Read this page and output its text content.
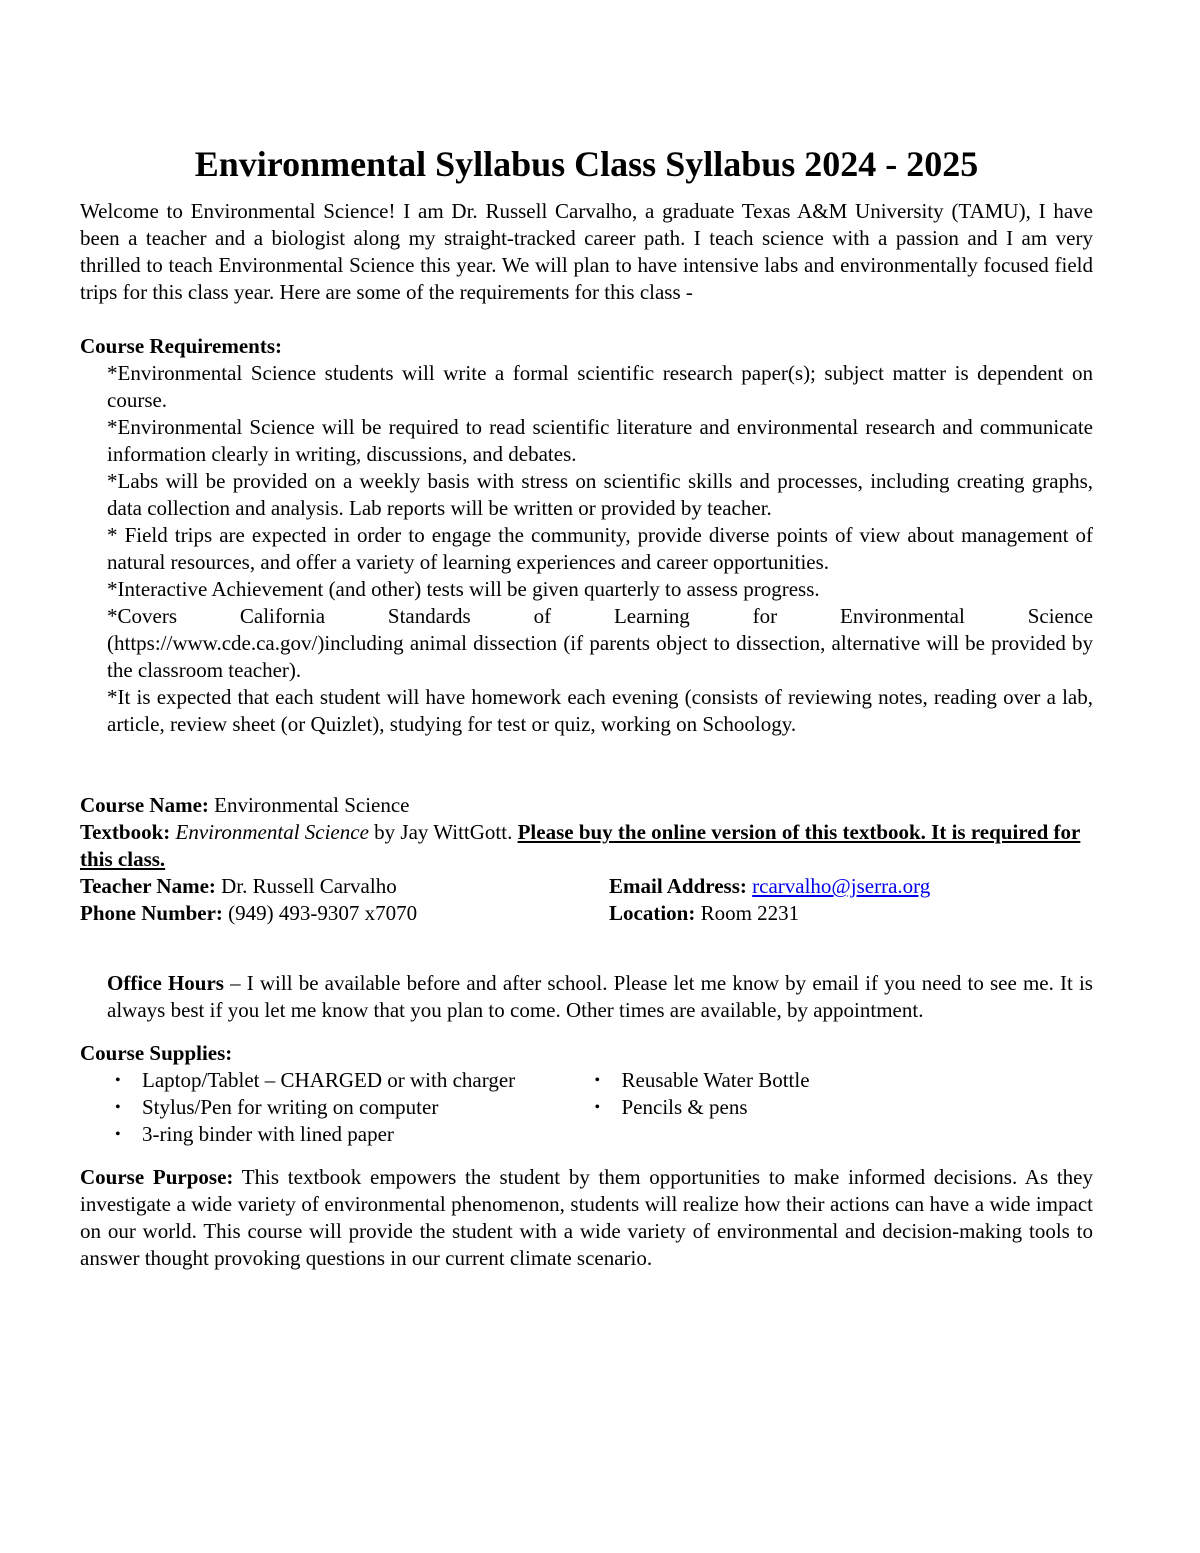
Environmental Syllabus Class Syllabus 2024 - 2025

Welcome to Environmental Science! I am Dr. Russell Carvalho, a graduate Texas A&M University (TAMU), I have been a teacher and a biologist along my straight-tracked career path. I teach science with a passion and I am very thrilled to teach Environmental Science this year. We will plan to have intensive labs and environmentally focused field trips for this class year. Here are some of the requirements for this class -

Course Requirements:

*Environmental Science students will write a formal scientific research paper(s); subject matter is dependent on course.

*Environmental Science will be required to read scientific literature and environmental research and communicate information clearly in writing, discussions, and debates.

*Labs will be provided on a weekly basis with stress on scientific skills and processes, including creating graphs, data collection and analysis. Lab reports will be written or provided by teacher.

* Field trips are expected in order to engage the community, provide diverse points of view about management of natural resources, and offer a variety of learning experiences and career opportunities.

*Interactive Achievement (and other) tests will be given quarterly to assess progress.

*Covers California Standards of Learning for Environmental Science

(https://www.cde.ca.gov/)including animal dissection (if parents object to dissection, alternative will be provided by the classroom teacher).

*It is expected that each student will have homework each evening (consists of reviewing notes, reading over a lab, article, review sheet (or Quizlet), studying for test or quiz, working on Schoology.

Course Name: Environmental Science

Textbook: Environmental Science by Jay WittGott. Please buy the online version of this textbook. It is required for this class.

Teacher Name: Dr. Russell Carvalho	Email Address: rcarvalho@jserra.org
Phone Number: (949) 493-9307 x7070	Location: Room 2231

Office Hours – I will be available before and after school. Please let me know by email if you need to see me. It is always best if you let me know that you plan to come. Other times are available, by appointment.

Course Supplies:

•	Laptop/Tablet – CHARGED or with charger
•	Stylus/Pen for writing on computer
•	3-ring binder with lined paper
•	Reusable Water Bottle
•	Pencils & pens

Course Purpose: This textbook empowers the student by them opportunities to make informed decisions. As they investigate a wide variety of environmental phenomenon, students will realize how their actions can have a wide impact on our world. This course will provide the student with a wide variety of environmental and decision-making tools to answer thought provoking questions in our current climate scenario.
